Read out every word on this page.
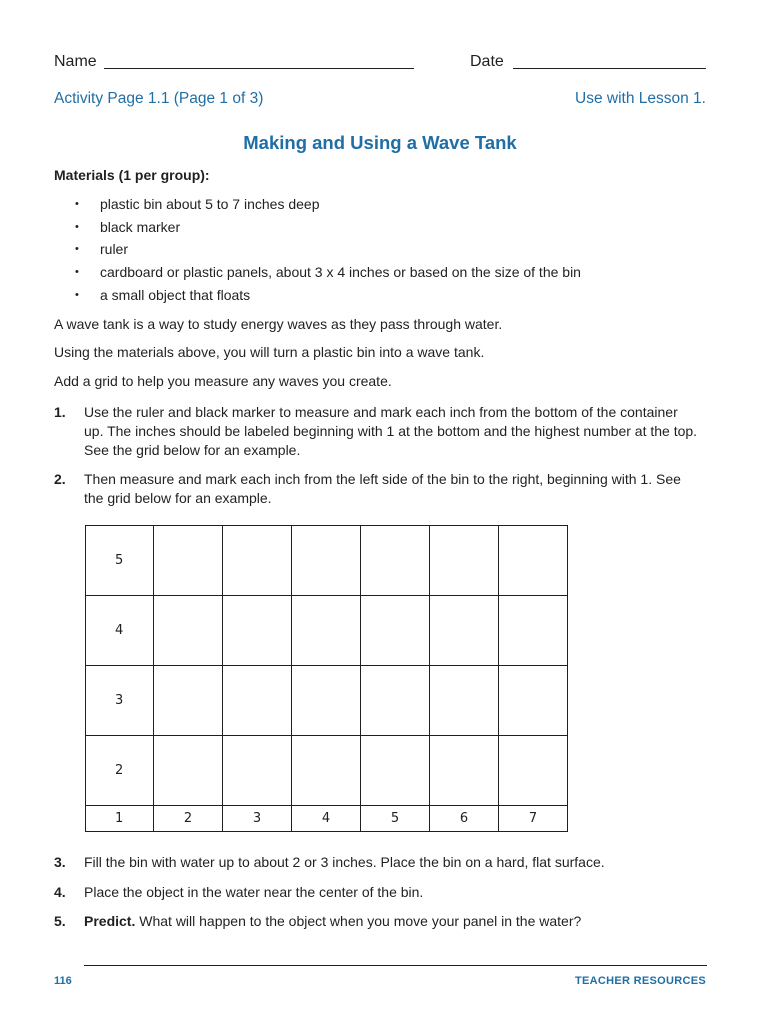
Name	Date
Activity Page 1.1 (Page 1 of 3)	Use with Lesson 1.
Making and Using a Wave Tank
Materials (1 per group):
• plastic bin about 5 to 7 inches deep
• black marker
• ruler
• cardboard or plastic panels, about 3 x 4 inches or based on the size of the bin
• a small object that floats
A wave tank is a way to study energy waves as they pass through water.
Using the materials above, you will turn a plastic bin into a wave tank.
Add a grid to help you measure any waves you create.
1. Use the ruler and black marker to measure and mark each inch from the bottom of the container up. The inches should be labeled beginning with 1 at the bottom and the highest number at the top. See the grid below for an example.
2. Then measure and mark each inch from the left side of the bin to the right, beginning with 1. See the grid below for an example.
5						
4						
3						
2						
1	2	3	4	5	6	7
3. Fill the bin with water up to about 2 or 3 inches. Place the bin on a hard, flat surface.
4. Place the object in the water near the center of the bin.
5. Predict. What will happen to the object when you move your panel in the water?
116	TEACHER RESOURCES
